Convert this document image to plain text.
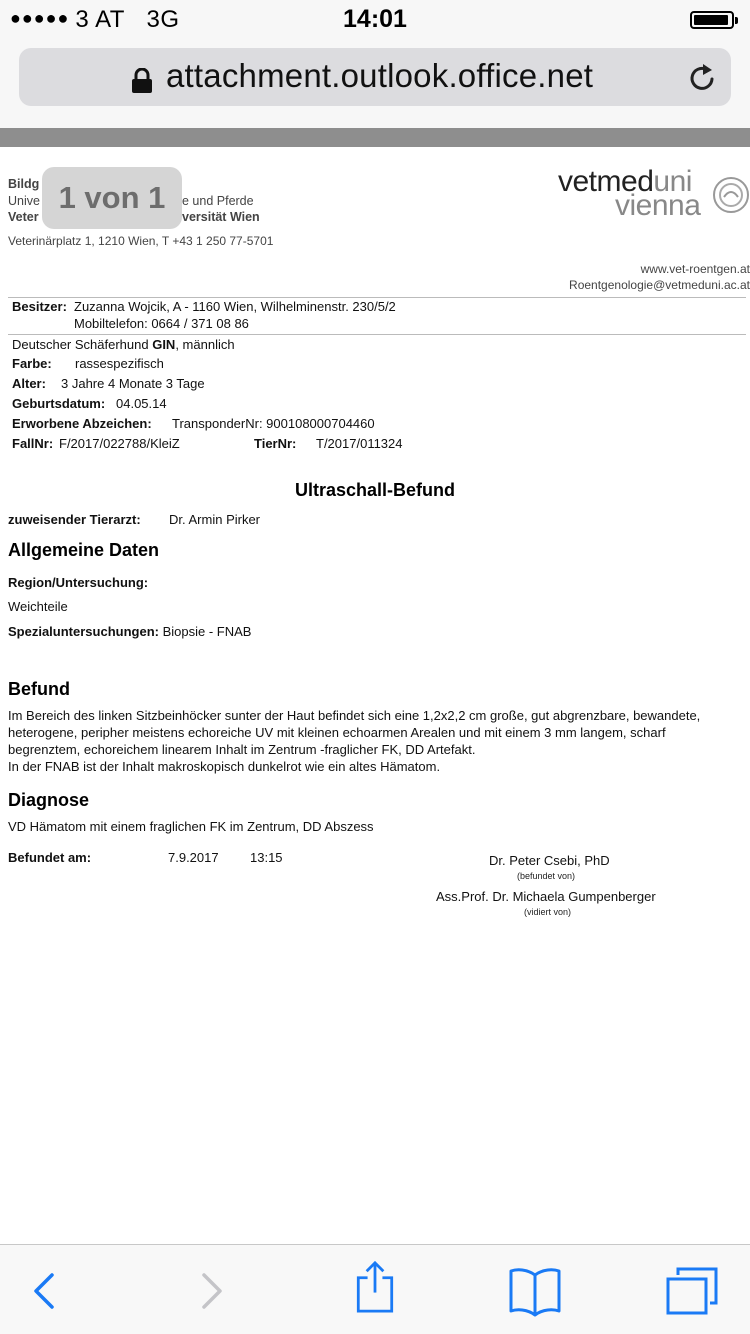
●●●●● 3 AT 3G	14:01
attachment.outlook.office.net
Bildg
Unive	e und Pferde
Veter	versität Wien
1 von 1
Veterinärplatz 1, 1210 Wien, T +43 1 250 77-5701
vetmeduni
vienna
www.vet-roentgen.at
Roentgenologie@vetmeduni.ac.at
Besitzer: Zuzanna Wojcik, A - 1160 Wien, Wilhelminenstr. 230/5/2
Mobiltelefon: 0664 / 371 08 86
Deutscher Schäferhund GIN, männlich
Farbe: rassespezifisch
Alter: 3 Jahre 4 Monate 3 Tage
Geburtsdatum: 04.05.14
Erworbene Abzeichen: TransponderNr: 900108000704460
FallNr: F/2017/022788/KleiZ	TierNr: T/2017/011324
Ultraschall-Befund
zuweisender Tierarzt: Dr. Armin Pirker
Allgemeine Daten
Region/Untersuchung:
Weichteile
Spezialuntersuchungen: Biopsie - FNAB
Befund
Im Bereich des linken Sitzbeinhöcker sunter der Haut befindet sich eine 1,2x2,2 cm große, gut abgrenzbare, bewandete,
heterogene, peripher meistens echoreiche UV mit kleinen echoarmen Arealen und mit einem 3 mm langem, scharf
begrenztem, echoreichem linearem Inhalt im Zentrum -fraglicher FK, DD Artefakt.
In der FNAB ist der Inhalt makroskopisch dunkelrot wie ein altes Hämatom.
Diagnose
VD Hämatom mit einem fraglichen FK im Zentrum, DD Abszess
Befundet am:	7.9.2017 13:15	Dr. Peter Csebi, PhD
(befundet von)
Ass.Prof. Dr. Michaela Gumpenberger
(vidiert von)
